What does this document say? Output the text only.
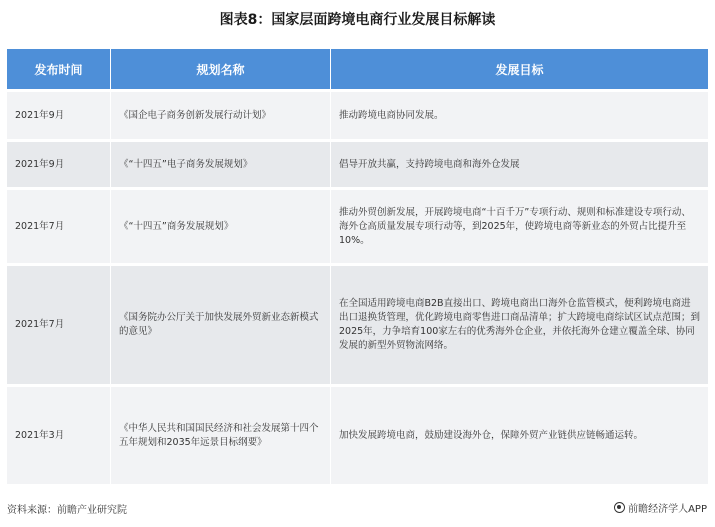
图表8：国家层面跨境电商行业发展目标解读
发布时间	规划名称	发展目标
2021年9月	《国企电子商务创新发展行动计划》	推动跨境电商协同发展。
2021年9月	《“十四五”电子商务发展规划》	倡导开放共赢，支持跨境电商和海外仓发展
2021年7月	《“十四五”商务发展规划》	推动外贸创新发展，开展跨境电商“十百千万”专项行动、规则和标准建设专项行动、海外仓高质量发展专项行动等，到2025年，使跨境电商等新业态的外贸占比提升至10%。
2021年7月	《国务院办公厅关于加快发展外贸新业态新模式的意见》	在全国适用跨境电商B2B直接出口、跨境电商出口海外仓监管模式，便利跨境电商进出口退换货管理，优化跨境电商零售进口商品清单；扩大跨境电商综试区试点范围；到2025年，力争培育100家左右的优秀海外仓企业，并依托海外仓建立覆盖全球、协同发展的新型外贸物流网络。
2021年3月	《中华人民共和国国民经济和社会发展第十四个五年规划和2035年远景目标纲要》	加快发展跨境电商，鼓励建设海外仓，保障外贸产业链供应链畅通运转。
资料来源：前瞻产业研究院	前瞻经济学人APP
